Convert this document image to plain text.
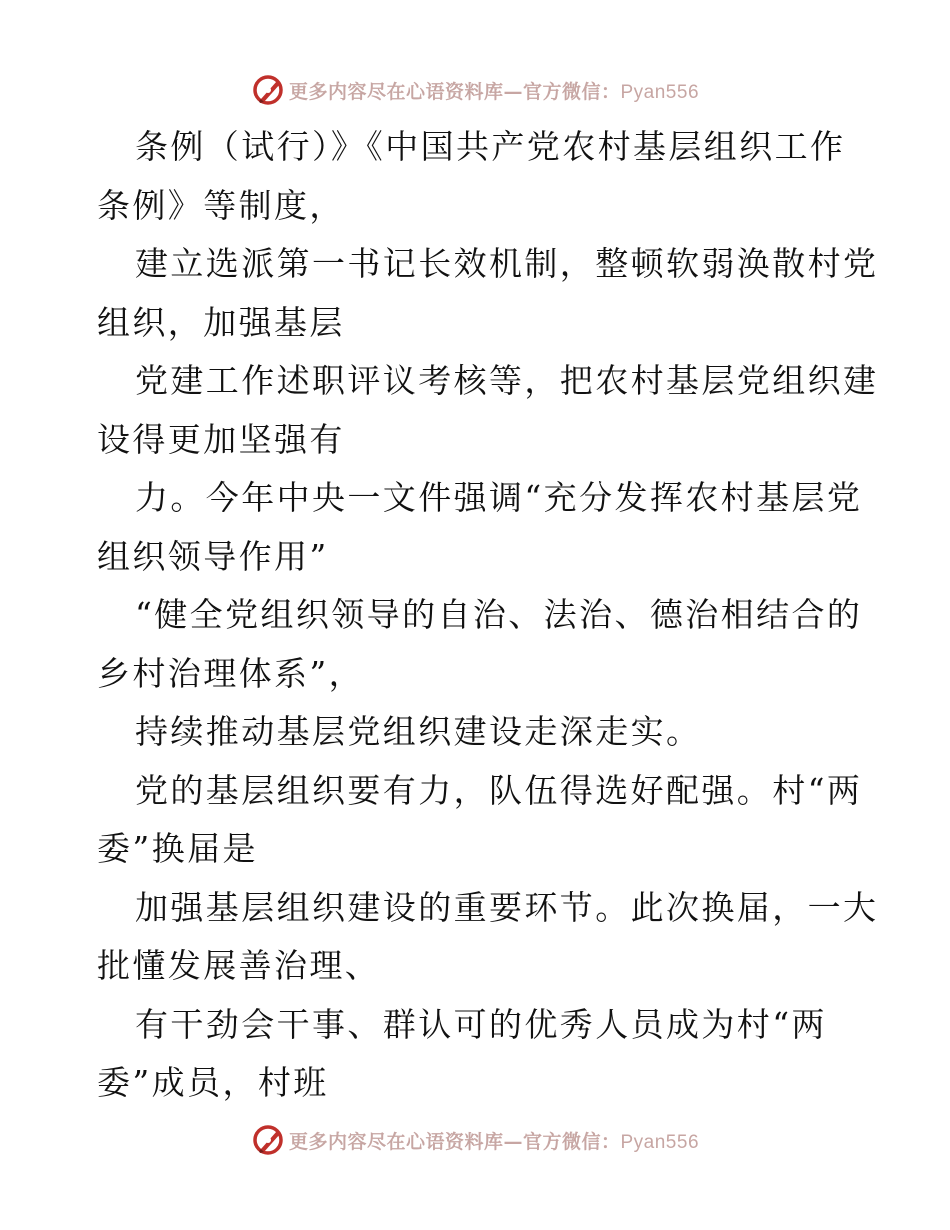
更多内容尽在心语资料库—官方微信：Pyan556
条例（试行）》《中国共产党农村基层组织工作
条例》等制度，
建立选派第一书记长效机制，整顿软弱涣散村党
组织，加强基层
党建工作述职评议考核等，把农村基层党组织建
设得更加坚强有
力。今年中央一文件强调“充分发挥农村基层党
组织领导作用”
“健全党组织领导的自治、法治、德治相结合的
乡村治理体系”，
持续推动基层党组织建设走深走实。
党的基层组织要有力，队伍得选好配强。村“两
委”换届是
加强基层组织建设的重要环节。此次换届，一大
批懂发展善治理、
有干劲会干事、群认可的优秀人员成为村“两
委”成员，村班
更多内容尽在心语资料库—官方微信：Pyan556
